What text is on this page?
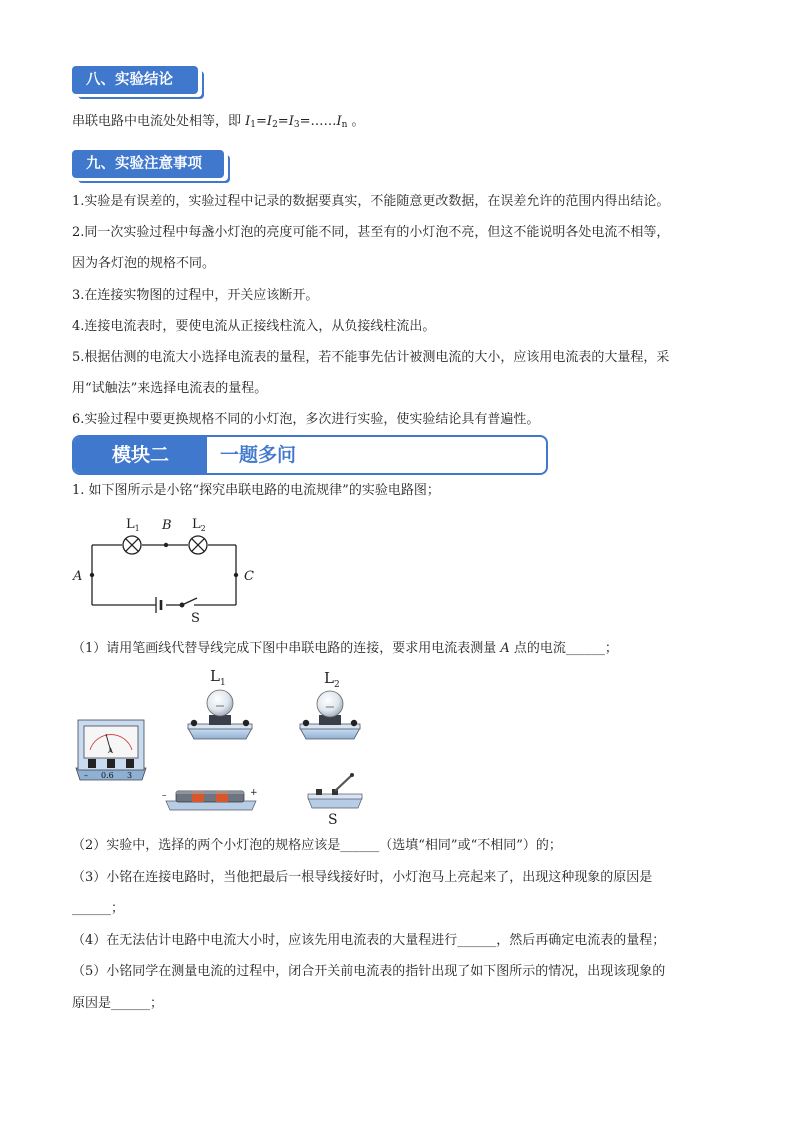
八、实验结论
串联电路中电流处处相等，即 $I_1=I_2=I_3=\dots\dots I_n$ 。
九、实验注意事项
1.实验是有误差的，实验过程中记录的数据要真实，不能随意更改数据，在误差允许的范围内得出结论。
2.同一次实验过程中每盏小灯泡的亮度可能不同，甚至有的小灯泡不亮，但这不能说明各处电流不相等，
因为各灯泡的规格不同。
3.在连接实物图的过程中，开关应该断开。
4.连接电流表时，要使电流从正接线柱流入，从负接线柱流出。
5.根据估测的电流大小选择电流表的量程，若不能事先估计被测电流的大小，应该用电流表的大量程，采
用“试触法”来选择电流表的量程。
6.实验过程中要更换规格不同的小灯泡，多次进行实验，使实验结论具有普遍性。
模块二	一题多问
1. 如下图所示是小铭“探究串联电路的电流规律”的实验电路图；
$L_1$ B $L_2$
A	C
S
（1）请用笔画线代替导线完成下图中串联电路的连接，要求用电流表测量 A 点的电流______；
$L_1$	$L_2$
A
– 0.6 3
–	+
S
（2）实验中，选择的两个小灯泡的规格应该是______（选填“相同”或“不相同”）的；
（3）小铭在连接电路时，当他把最后一根导线接好时，小灯泡马上亮起来了，出现这种现象的原因是
______；
（4）在无法估计电路中电流大小时，应该先用电流表的大量程进行______，然后再确定电流表的量程；
（5）小铭同学在测量电流的过程中，闭合开关前电流表的指针出现了如下图所示的情况，出现该现象的
原因是______；
